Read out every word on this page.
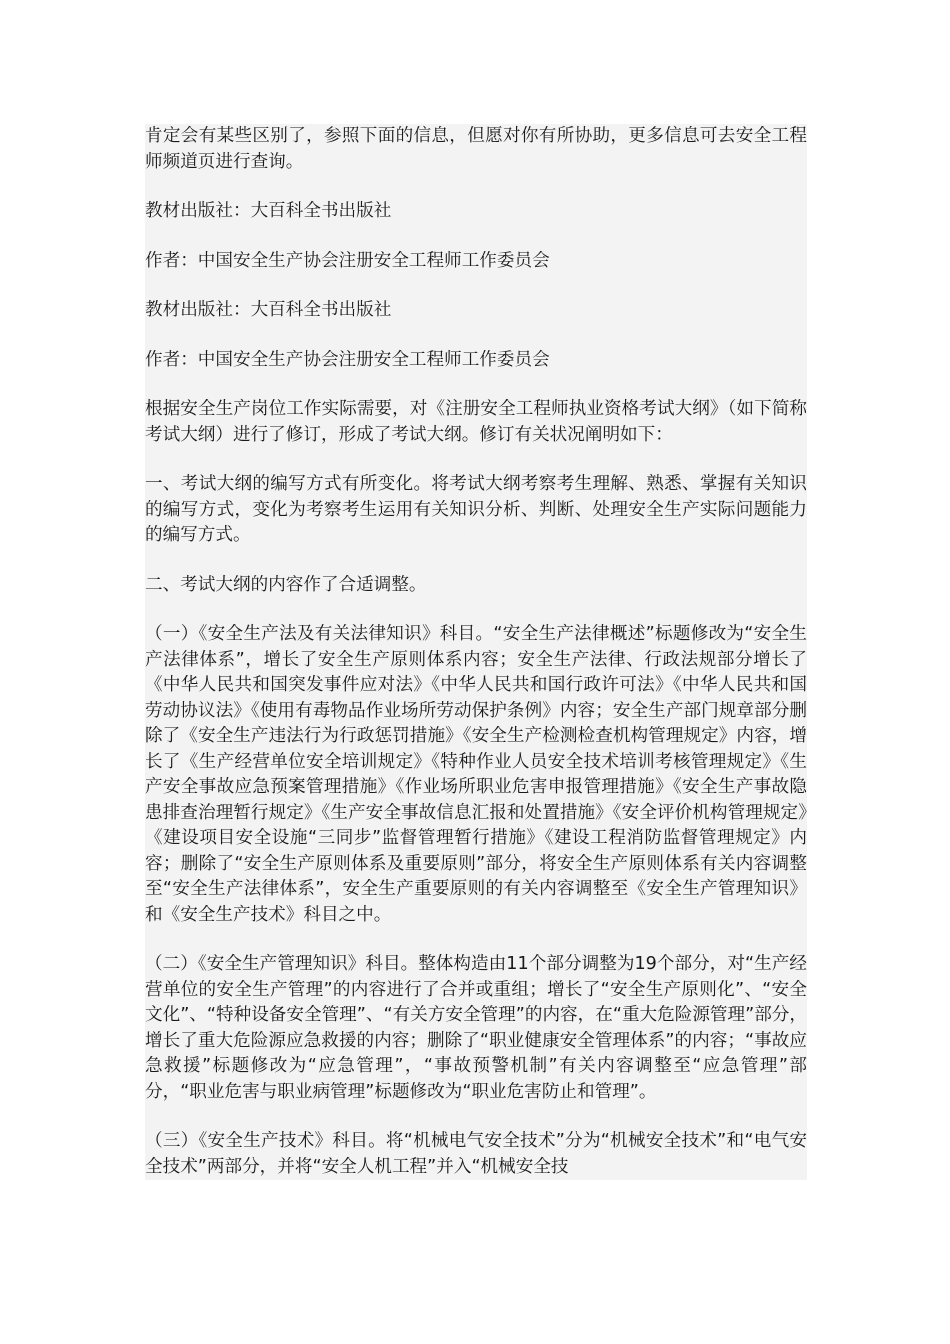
肯定会有某些区别了，参照下面的信息，但愿对你有所协助，更多信息可去安全工程师频道页进行查询。

教材出版社：大百科全书出版社

作者：中国安全生产协会注册安全工程师工作委员会

教材出版社：大百科全书出版社

作者：中国安全生产协会注册安全工程师工作委员会

根据安全生产岗位工作实际需要，对《注册安全工程师执业资格考试大纲》（如下简称考试大纲）进行了修订，形成了考试大纲。修订有关状况阐明如下：

一、考试大纲的编写方式有所变化。将考试大纲考察考生理解、熟悉、掌握有关知识的编写方式，变化为考察考生运用有关知识分析、判断、处理安全生产实际问题能力的编写方式。

二、考试大纲的内容作了合适调整。

（一）《安全生产法及有关法律知识》科目。“安全生产法律概述”标题修改为“安全生产法律体系”，增长了安全生产原则体系内容；安全生产法律、行政法规部分增长了《中华人民共和国突发事件应对法》《中华人民共和国行政许可法》《中华人民共和国劳动协议法》《使用有毒物品作业场所劳动保护条例》内容；安全生产部门规章部分删除了《安全生产违法行为行政惩罚措施》《安全生产检测检查机构管理规定》内容，增长了《生产经营单位安全培训规定》《特种作业人员安全技术培训考核管理规定》《生产安全事故应急预案管理措施》《作业场所职业危害申报管理措施》《安全生产事故隐患排查治理暂行规定》《生产安全事故信息汇报和处置措施》《安全评价机构管理规定》《建设项目安全设施“三同步”监督管理暂行措施》《建设工程消防监督管理规定》内容；删除了“安全生产原则体系及重要原则”部分，将安全生产原则体系有关内容调整至“安全生产法律体系”，安全生产重要原则的有关内容调整至《安全生产管理知识》和《安全生产技术》科目之中。

（二）《安全生产管理知识》科目。整体构造由11个部分调整为19个部分，对“生产经营单位的安全生产管理”的内容进行了合并或重组；增长了“安全生产原则化”、“安全文化”、“特种设备安全管理”、“有关方安全管理”的内容，在“重大危险源管理”部分，增长了重大危险源应急救援的内容；删除了“职业健康安全管理体系”的内容；“事故应急救援”标题修改为“应急管理”，“事故预警机制”有关内容调整至“应急管理”部分，“职业危害与职业病管理”标题修改为“职业危害防止和管理”。

（三）《安全生产技术》科目。将“机械电气安全技术”分为“机械安全技术”和“电气安全技术”两部分，并将“安全人机工程”并入“机械安全技
